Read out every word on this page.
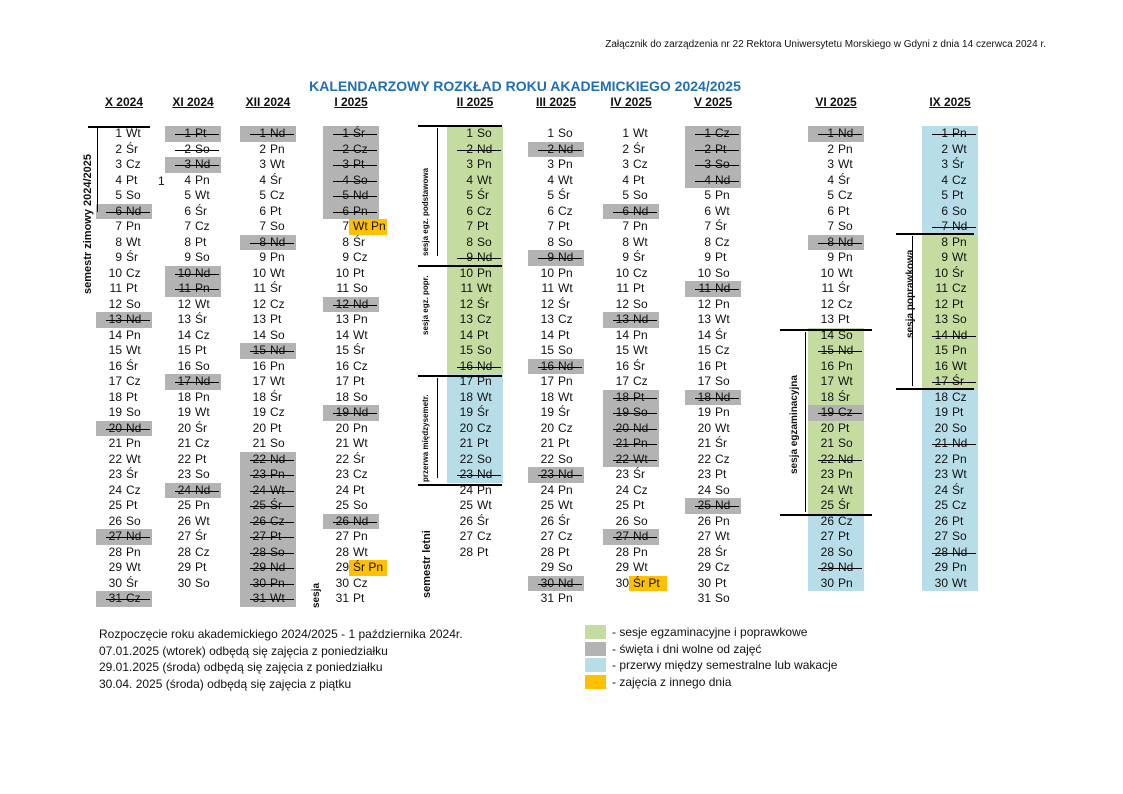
Załącznik do zarządzenia nr 22 Rektora Uniwersytetu Morskiego w Gdyni z dnia 14 czerwca 2024 r.
KALENDARZOWY ROZKŁAD ROKU AKADEMICKIEGO 2024/2025
X 2024
1 Wt
2 Śr
3 Cz
4 Pt
5 So
6 Nd
7 Pn
8 Wt
9 Śr
10 Cz
11 Pt
12 So
13 Nd
14 Pn
15 Wt
16 Śr
17 Cz
18 Pt
19 So
20 Nd
21 Pn
22 Wt
23 Śr
24 Cz
25 Pt
26 So
27 Nd
28 Pn
29 Wt
30 Śr
31 Cz
XI 2024
1 Pt
2 So
3 Nd
4 Pn
5 Wt
6 Śr
7 Cz
8 Pt
9 So
10 Nd
11 Pn
12 Wt
13 Śr
14 Cz
15 Pt
16 So
17 Nd
18 Pn
19 Wt
20 Śr
21 Cz
22 Pt
23 So
24 Nd
25 Pn
26 Wt
27 Śr
28 Cz
29 Pt
30 So
XII 2024
1 Nd
2 Pn
3 Wt
4 Śr
5 Cz
6 Pt
7 So
8 Nd
9 Pn
10 Wt
11 Śr
12 Cz
13 Pt
14 So
15 Nd
16 Pn
17 Wt
18 Śr
19 Cz
20 Pt
21 So
22 Nd
23 Pn
24 Wt
25 Śr
26 Cz
27 Pt
28 So
29 Nd
30 Pn
31 Wt
I 2025
1 Śr
2 Cz
3 Pt
4 So
5 Nd
6 Pn
7 Wt Pn
8 Śr
9 Cz
10 Pt
11 So
12 Nd
13 Pn
14 Wt
15 Śr
16 Cz
17 Pt
18 So
19 Nd
20 Pn
21 Wt
22 Śr
23 Cz
24 Pt
25 So
26 Nd
27 Pn
28 Wt
29 Śr Pn
30 Cz
31 Pt
II 2025
1 So
2 Nd
3 Pn
4 Wt
5 Śr
6 Cz
7 Pt
8 So
9 Nd
10 Pn
11 Wt
12 Śr
13 Cz
14 Pt
15 So
16 Nd
17 Pn
18 Wt
19 Śr
20 Cz
21 Pt
22 So
23 Nd
24 Pn
25 Wt
26 Śr
27 Cz
28 Pt
III 2025
1 So
2 Nd
3 Pn
4 Wt
5 Śr
6 Cz
7 Pt
8 So
9 Nd
10 Pn
11 Wt
12 Śr
13 Cz
14 Pt
15 So
16 Nd
17 Pn
18 Wt
19 Śr
20 Cz
21 Pt
22 So
23 Nd
24 Pn
25 Wt
26 Śr
27 Cz
28 Pt
29 So
30 Nd
31 Pn
IV 2025
1 Wt
2 Śr
3 Cz
4 Pt
5 So
6 Nd
7 Pn
8 Wt
9 Śr
10 Cz
11 Pt
12 So
13 Nd
14 Pn
15 Wt
16 Śr
17 Cz
18 Pt
19 So
20 Nd
21 Pn
22 Wt
23 Śr
24 Cz
25 Pt
26 So
27 Nd
28 Pn
29 Wt
30 Śr Pt
V 2025
1 Cz
2 Pt
3 So
4 Nd
5 Pn
6 Wt
7 Śr
8 Cz
9 Pt
10 So
11 Nd
12 Pn
13 Wt
14 Śr
15 Cz
16 Pt
17 So
18 Nd
19 Pn
20 Wt
21 Śr
22 Cz
23 Pt
24 So
25 Nd
26 Pn
27 Wt
28 Śr
29 Cz
30 Pt
31 So
VI 2025
1 Nd
2 Pn
3 Wt
4 Śr
5 Cz
6 Pt
7 So
8 Nd
9 Pn
10 Wt
11 Śr
12 Cz
13 Pt
14 So
15 Nd
16 Pn
17 Wt
18 Śr
19 Cz
20 Pt
21 So
22 Nd
23 Pn
24 Wt
25 Śr
26 Cz
27 Pt
28 So
29 Nd
30 Pn
IX 2025
1 Pn
2 Wt
3 Śr
4 Cz
5 Pt
6 So
7 Nd
8 Pn
9 Wt
10 Śr
11 Cz
12 Pt
13 So
14 Nd
15 Pn
16 Wt
17 Śr
18 Cz
19 Pt
20 So
21 Nd
22 Pn
23 Wt
24 Śr
25 Cz
26 Pt
27 So
28 Nd
29 Pn
30 Wt
semestr zimowy 2024/2025	1
sesja
sesja egz. podstawowa
sesja egz. popr.
przerwa międzysemetr.
semestr letni
sesja egzaminacyjna
sesja poprawkowa
Rozpoczęcie roku akademickiego 2024/2025 - 1 października 2024r.
07.01.2025 (wtorek) odbędą się zajęcia z poniedziałku
29.01.2025 (środa) odbędą się zajęcia z poniedziałku
30.04. 2025 (środa) odbędą się zajęcia z piątku
- sesje egzaminacyjne i poprawkowe
- święta i dni wolne od zajęć
- przerwy między semestralne lub wakacje
- zajęcia z innego dnia
